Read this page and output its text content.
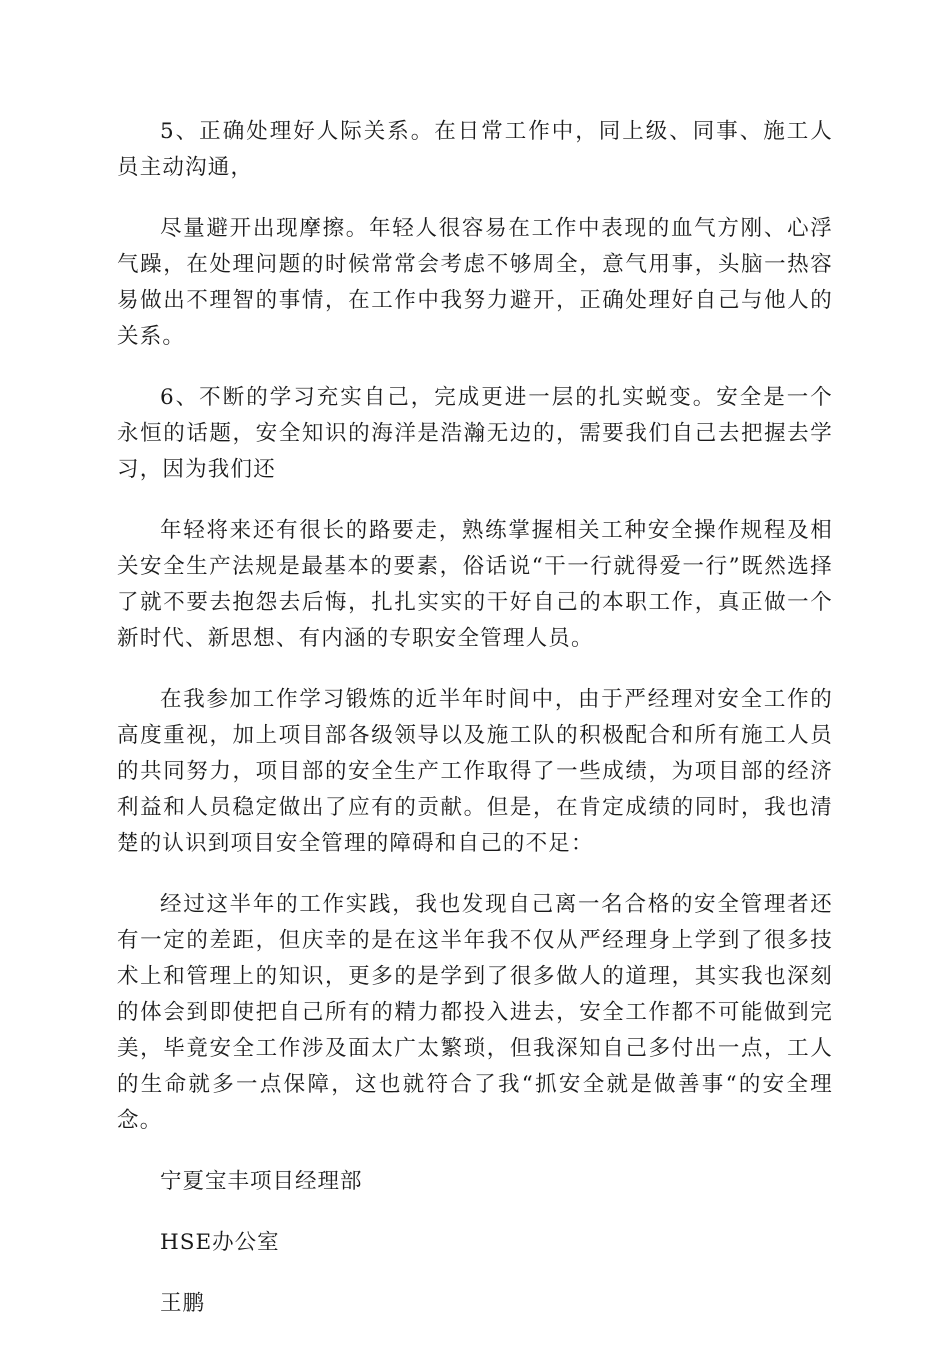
5、正确处理好人际关系。在日常工作中，同上级、同事、施工人员主动沟通，

尽量避开出现摩擦。年轻人很容易在工作中表现的血气方刚、心浮气躁，在处理问题的时候常常会考虑不够周全，意气用事，头脑一热容易做出不理智的事情，在工作中我努力避开，正确处理好自己与他人的关系。

6、不断的学习充实自己，完成更进一层的扎实蜕变。安全是一个永恒的话题，安全知识的海洋是浩瀚无边的，需要我们自己去把握去学习，因为我们还

年轻将来还有很长的路要走，熟练掌握相关工种安全操作规程及相关安全生产法规是最基本的要素，俗话说“干一行就得爱一行”既然选择了就不要去抱怨去后悔，扎扎实实的干好自己的本职工作，真正做一个新时代、新思想、有内涵的专职安全管理人员。

在我参加工作学习锻炼的近半年时间中，由于严经理对安全工作的高度重视，加上项目部各级领导以及施工队的积极配合和所有施工人员的共同努力，项目部的安全生产工作取得了一些成绩，为项目部的经济利益和人员稳定做出了应有的贡献。但是，在肯定成绩的同时，我也清楚的认识到项目安全管理的障碍和自己的不足：

经过这半年的工作实践，我也发现自己离一名合格的安全管理者还有一定的差距，但庆幸的是在这半年我不仅从严经理身上学到了很多技术上和管理上的知识，更多的是学到了很多做人的道理，其实我也深刻的体会到即使把自己所有的精力都投入进去，安全工作都不可能做到完美，毕竟安全工作涉及面太广太繁琐，但我深知自己多付出一点，工人的生命就多一点保障，这也就符合了我“抓安全就是做善事“的安全理念。

宁夏宝丰项目经理部
HSE办公室
王鹏
